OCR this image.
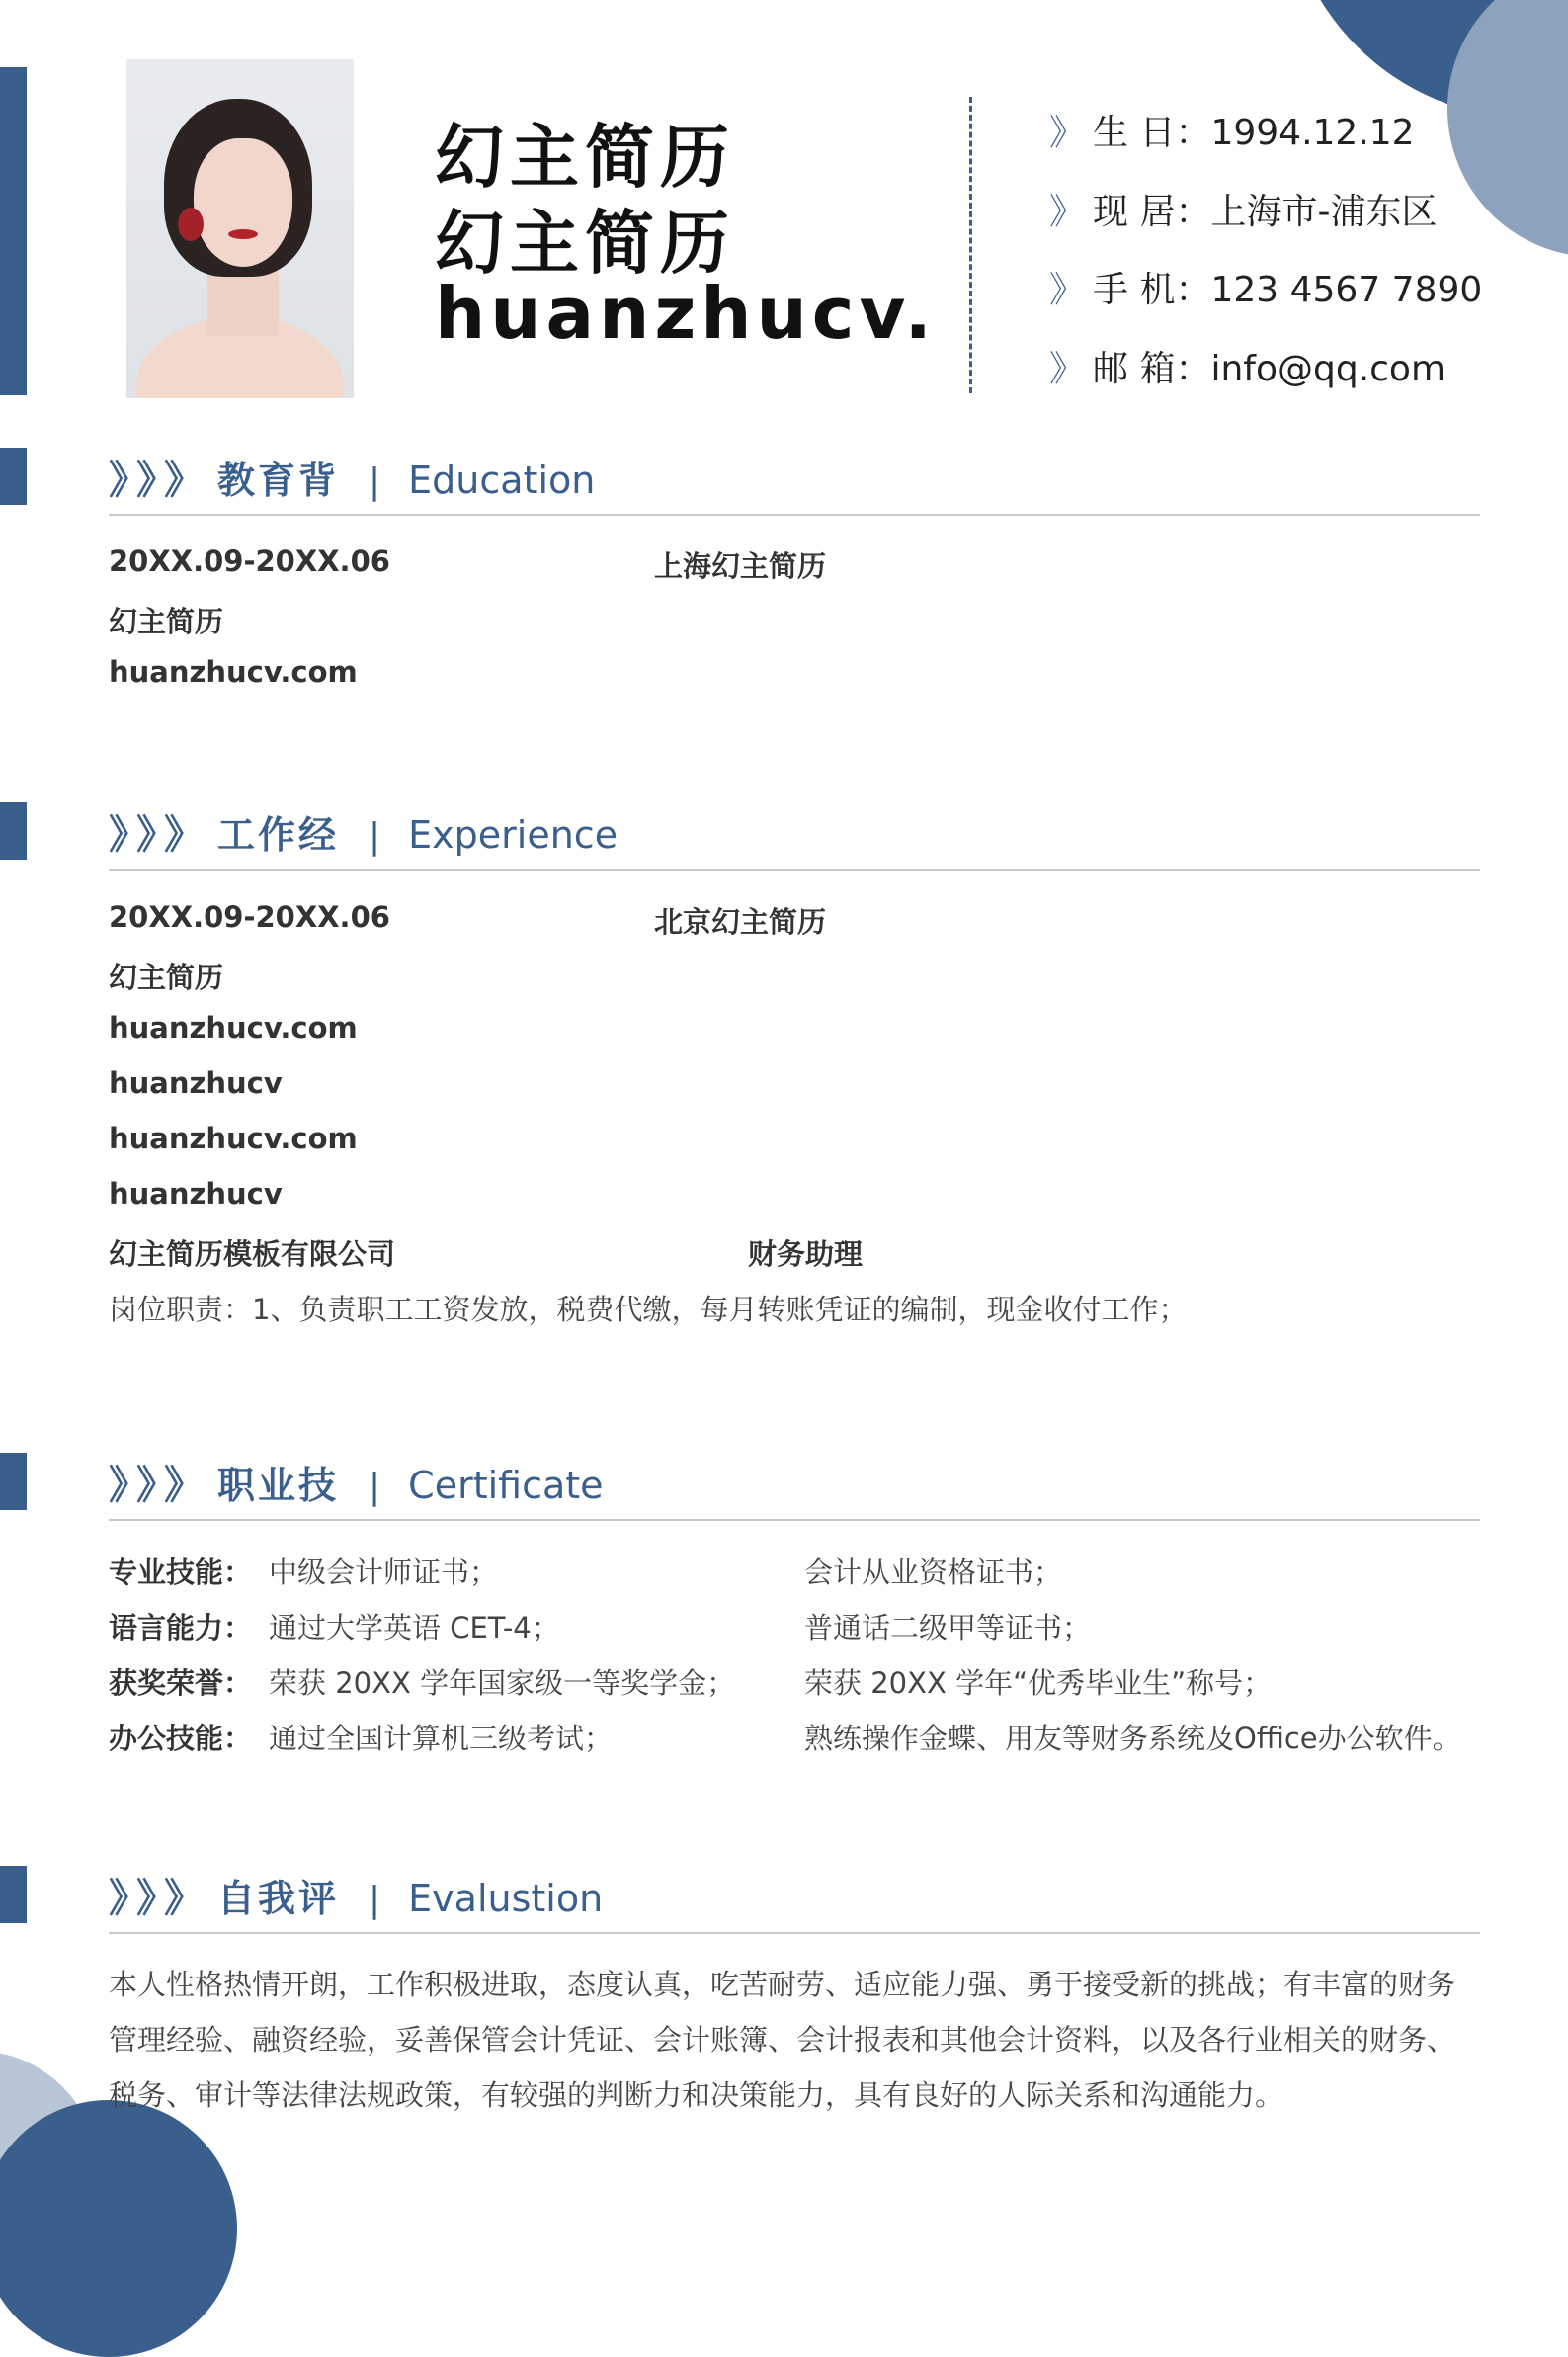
幻主简历
幻主简历
huanzhucv.
》 生 日：1994.12.12
》 现 居：上海市-浦东区
》 手 机：123 4567 7890
》 邮 箱：info@qq.com
》》》 教育背 | Education
20XX.09-20XX.06	上海幻主简历
幻主简历
huanzhucv.com
》》》 工作经 | Experience
20XX.09-20XX.06	北京幻主简历
幻主简历
huanzhucv.com
huanzhucv
huanzhucv.com
huanzhucv
幻主简历模板有限公司	财务助理
岗位职责：1、负责职工工资发放，税费代缴，每月转账凭证的编制，现金收付工作；
》》》 职业技 | Certificate
专业技能： 中级会计师证书；	会计从业资格证书；
语言能力： 通过大学英语 CET-4；	普通话二级甲等证书；
获奖荣誉： 荣获 20XX 学年国家级一等奖学金； 荣获 20XX 学年“优秀毕业生”称号；
办公技能： 通过全国计算机三级考试；	熟练操作金蝶、用友等财务系统及Office办公软件。
》》》 自我评 | Evalustion
本人性格热情开朗，工作积极进取，态度认真，吃苦耐劳、适应能力强、勇于接受新的挑战；有丰富的财务
管理经验、融资经验，妥善保管会计凭证、会计账簿、会计报表和其他会计资料，以及各行业相关的财务、
税务、审计等法律法规政策，有较强的判断力和决策能力，具有良好的人际关系和沟通能力。
